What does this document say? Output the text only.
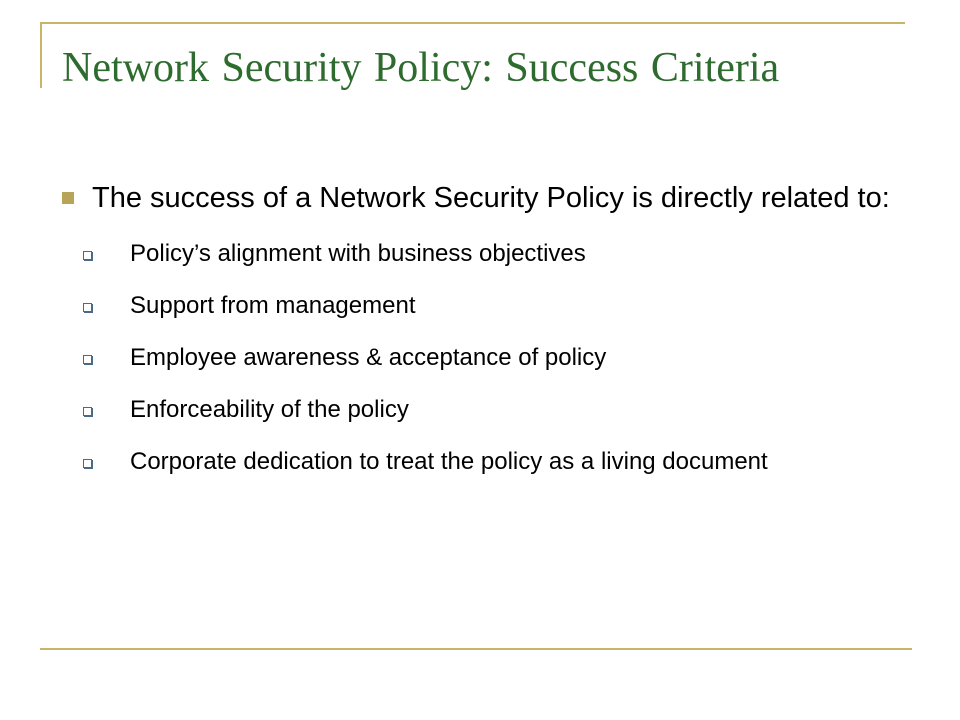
Network Security Policy: Success Criteria
The success of a Network Security Policy is directly related to:
Policy’s alignment with business objectives
Support from management
Employee awareness & acceptance of policy
Enforceability of the policy
Corporate dedication to treat the policy as a living document
